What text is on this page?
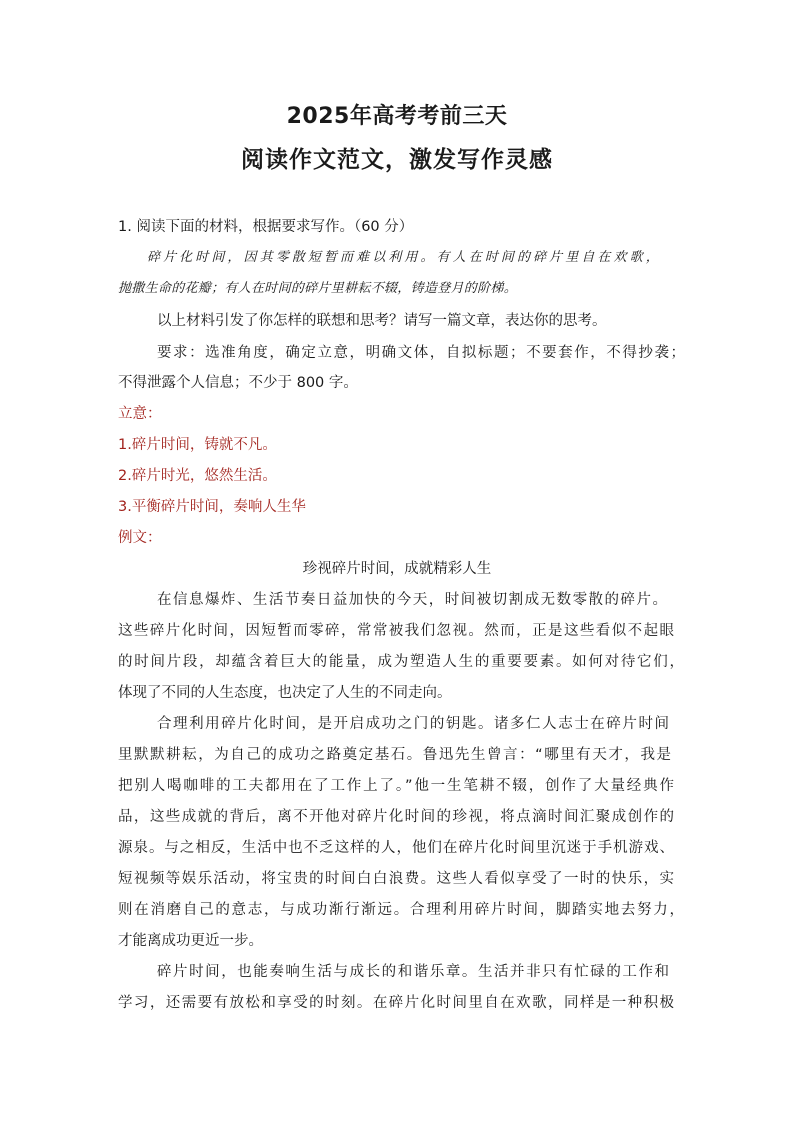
2025年高考考前三天
阅读作文范文，激发写作灵感
1. 阅读下面的材料，根据要求写作。（60 分）
碎片化时间，因其零散短暂而难以利用。有人在时间的碎片里自在欢歌，
抛撒生命的花瓣；有人在时间的碎片里耕耘不辍，铸造登月的阶梯。
以上材料引发了你怎样的联想和思考？请写一篇文章，表达你的思考。
要求：选准角度，确定立意，明确文体，自拟标题；不要套作，不得抄袭；
不得泄露个人信息；不少于 800 字。
立意：
1.碎片时间，铸就不凡。
2.碎片时光，悠然生活。
3.平衡碎片时间，奏响人生华
例文：
珍视碎片时间，成就精彩人生
在信息爆炸、生活节奏日益加快的今天，时间被切割成无数零散的碎片。
这些碎片化时间，因短暂而零碎，常常被我们忽视。然而，正是这些看似不起眼
的时间片段，却蕴含着巨大的能量，成为塑造人生的重要要素。如何对待它们，
体现了不同的人生态度，也决定了人生的不同走向。
合理利用碎片化时间，是开启成功之门的钥匙。诸多仁人志士在碎片时间
里默默耕耘，为自己的成功之路奠定基石。鲁迅先生曾言：“哪里有天才，我是
把别人喝咖啡的工夫都用在了工作上了。”他一生笔耕不辍，创作了大量经典作
品，这些成就的背后，离不开他对碎片化时间的珍视，将点滴时间汇聚成创作的
源泉。与之相反，生活中也不乏这样的人，他们在碎片化时间里沉迷于手机游戏、
短视频等娱乐活动，将宝贵的时间白白浪费。这些人看似享受了一时的快乐，实
则在消磨自己的意志，与成功渐行渐远。合理利用碎片时间，脚踏实地去努力，
才能离成功更近一步。
碎片时间，也能奏响生活与成长的和谐乐章。生活并非只有忙碌的工作和
学习，还需要有放松和享受的时刻。在碎片化时间里自在欢歌，同样是一种积极
